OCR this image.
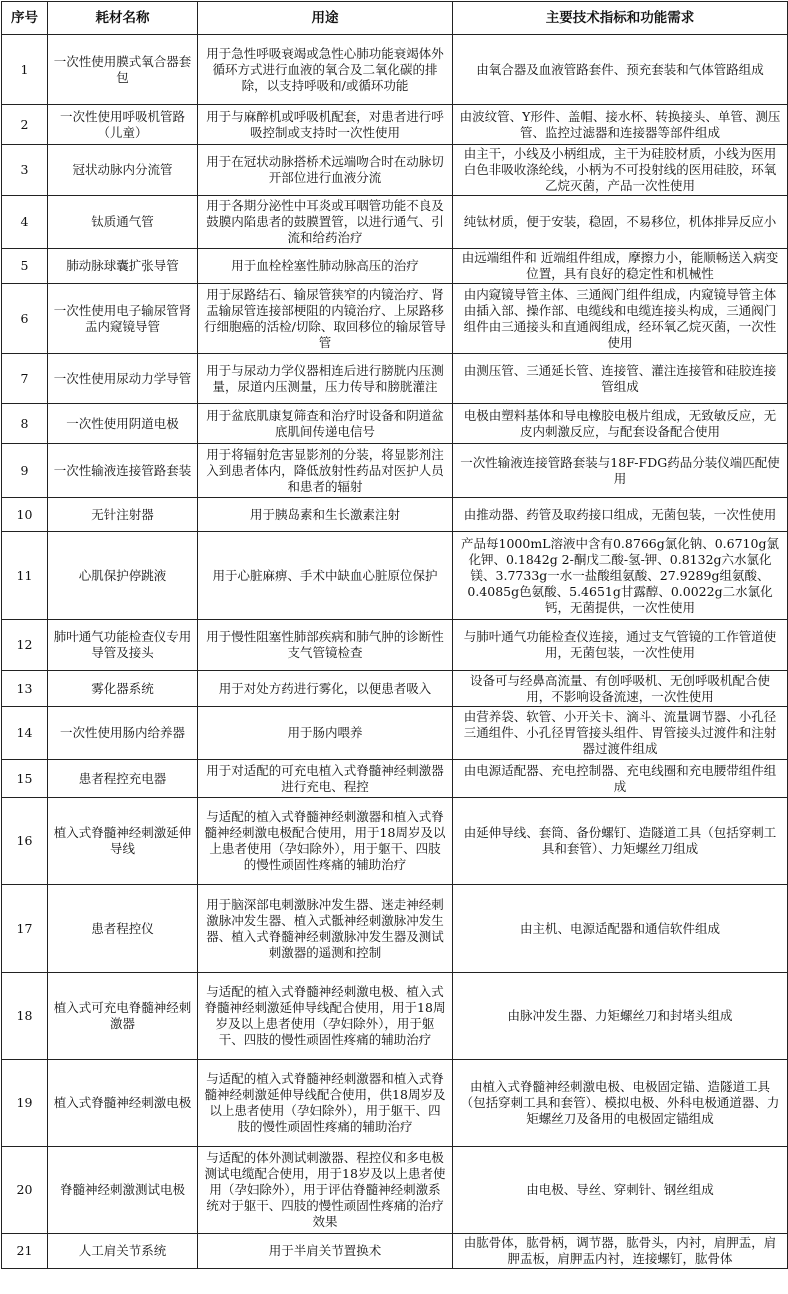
序号	耗材名称	用途	主要技术指标和功能需求
1	一次性使用膜式氧合器套包	用于急性呼吸衰竭或急性心肺功能衰竭体外循环方式进行血液的氧合及二氧化碳的排除，以支持呼吸和/或循环功能	由氧合器及血液管路套件、预充套装和气体管路组成
2	一次性使用呼吸机管路（儿童）	用于与麻醉机或呼吸机配套，对患者进行呼吸控制或支持时一次性使用	由波纹管、Y形件、盖帽、接水杯、转换接头、单管、测压管、监控过滤器和连接器等部件组成
3	冠状动脉内分流管	用于在冠状动脉搭桥术远端吻合时在动脉切开部位进行血液分流	由主干，小线及小柄组成，主干为硅胶材质，小线为医用白色非吸收涤纶线，小柄为不可投射线的医用硅胶，环氧乙烷灭菌，产品一次性使用
4	钛质通气管	用于各期分泌性中耳炎或耳咽管功能不良及鼓膜内陷患者的鼓膜置管，以进行通气、引流和给药治疗	纯钛材质，便于安装，稳固，不易移位，机体排异反应小
5	肺动脉球囊扩张导管	用于血栓栓塞性肺动脉高压的治疗	由远端组件和 近端组件组成，摩擦力小，能顺畅送入病变位置，具有良好的稳定性和机械性
6	一次性使用电子输尿管肾盂内窥镜导管	用于尿路结石、输尿管狭窄的内镜治疗、肾盂输尿管连接部梗阻的内镜治疗、上尿路移行细胞癌的活检/切除、取回移位的输尿管导管	由内窥镜导管主体、三通阀门组件组成，内窥镜导管主体由插入部、操作部、电缆线和电缆连接头构成，三通阀门组件由三通接头和直通阀组成，经环氧乙烷灭菌，一次性使用
7	一次性使用尿动力学导管	用于与尿动力学仪器相连后进行膀胱内压测量，尿道内压测量，压力传导和膀胱灌注	由测压管、三通延长管、连接管、灌注连接管和硅胶连接管组成
8	一次性使用阴道电极	用于盆底肌康复筛查和治疗时设备和阴道盆底肌间传递电信号	电极由塑料基体和导电橡胶电极片组成，无致敏反应，无皮内刺激反应，与配套设备配合使用
9	一次性输液连接管路套装	用于将辐射危害显影剂的分装，将显影剂注入到患者体内，降低放射性药品对医护人员和患者的辐射	一次性输液连接管路套装与18F-FDG药品分装仪端匹配使用
10	无针注射器	用于胰岛素和生长激素注射	由推动器、药管及取药接口组成，无菌包装，一次性使用
11	心肌保护停跳液	用于心脏麻痹、手术中缺血心脏原位保护	产品每1000mL溶液中含有0.8766g氯化钠、0.6710g氯化钾、0.1842g 2-酮戊二酸-氢-钾、0.8132g六水氯化镁、3.7733g一水一盐酸组氨酸、27.9289g组氨酸、0.4085g色氨酸、5.4651g甘露醇、0.0022g二水氯化钙，无菌提供，一次性使用
12	肺叶通气功能检查仪专用导管及接头	用于慢性阻塞性肺部疾病和肺气肿的诊断性支气管镜检查	与肺叶通气功能检查仪连接，通过支气管镜的工作管道使用，无菌包装，一次性使用
13	雾化器系统	用于对处方药进行雾化，以便患者吸入	设备可与经鼻高流量、有创呼吸机、无创呼吸机配合使用，不影响设备流速，一次性使用
14	一次性使用肠内给养器	用于肠内喂养	由营养袋、软管、小开关卡、滴斗、流量调节器、小孔径三通组件、小孔径胃管接头组件、胃管接头过渡件和注射器过渡件组成
15	患者程控充电器	用于对适配的可充电植入式脊髓神经刺激器进行充电、程控	由电源适配器、充电控制器、充电线圈和充电腰带组件组成
16	植入式脊髓神经刺激延伸导线	与适配的植入式脊髓神经刺激器和植入式脊髓神经刺激电极配合使用，用于18周岁及以上患者使用（孕妇除外），用于躯干、四肢的慢性顽固性疼痛的辅助治疗	由延伸导线、套筒、备份螺钉、造隧道工具（包括穿刺工具和套管）、力矩螺丝刀组成
17	患者程控仪	用于脑深部电刺激脉冲发生器、迷走神经刺激脉冲发生器、植入式骶神经刺激脉冲发生器、植入式脊髓神经刺激脉冲发生器及测试刺激器的遥测和控制	由主机、电源适配器和通信软件组成
18	植入式可充电脊髓神经刺激器	与适配的植入式脊髓神经刺激电极、植入式脊髓神经刺激延伸导线配合使用，用于18周岁及以上患者使用（孕妇除外），用于躯干、四肢的慢性顽固性疼痛的辅助治疗	由脉冲发生器、力矩螺丝刀和封堵头组成
19	植入式脊髓神经刺激电极	与适配的植入式脊髓神经刺激器和植入式脊髓神经刺激延伸导线配合使用，供18周岁及以上患者使用（孕妇除外），用于躯干、四肢的慢性顽固性疼痛的辅助治疗	由植入式脊髓神经刺激电极、电极固定锚、造隧道工具（包括穿刺工具和套管）、模拟电极、外科电极通道器、力矩螺丝刀及备用的电极固定锚组成
20	脊髓神经刺激测试电极	与适配的体外测试刺激器、程控仪和多电极测试电缆配合使用，用于18岁及以上患者使用（孕妇除外），用于评估脊髓神经刺激系统对于躯干、四肢的慢性顽固性疼痛的治疗效果	由电极、导丝、穿刺针、钢丝组成
21	人工肩关节系统	用于半肩关节置换术	由肱骨体，肱骨柄，调节器，肱骨头，内衬，肩胛盂，肩胛盂板，肩胛盂内衬，连接螺钉，肱骨体
